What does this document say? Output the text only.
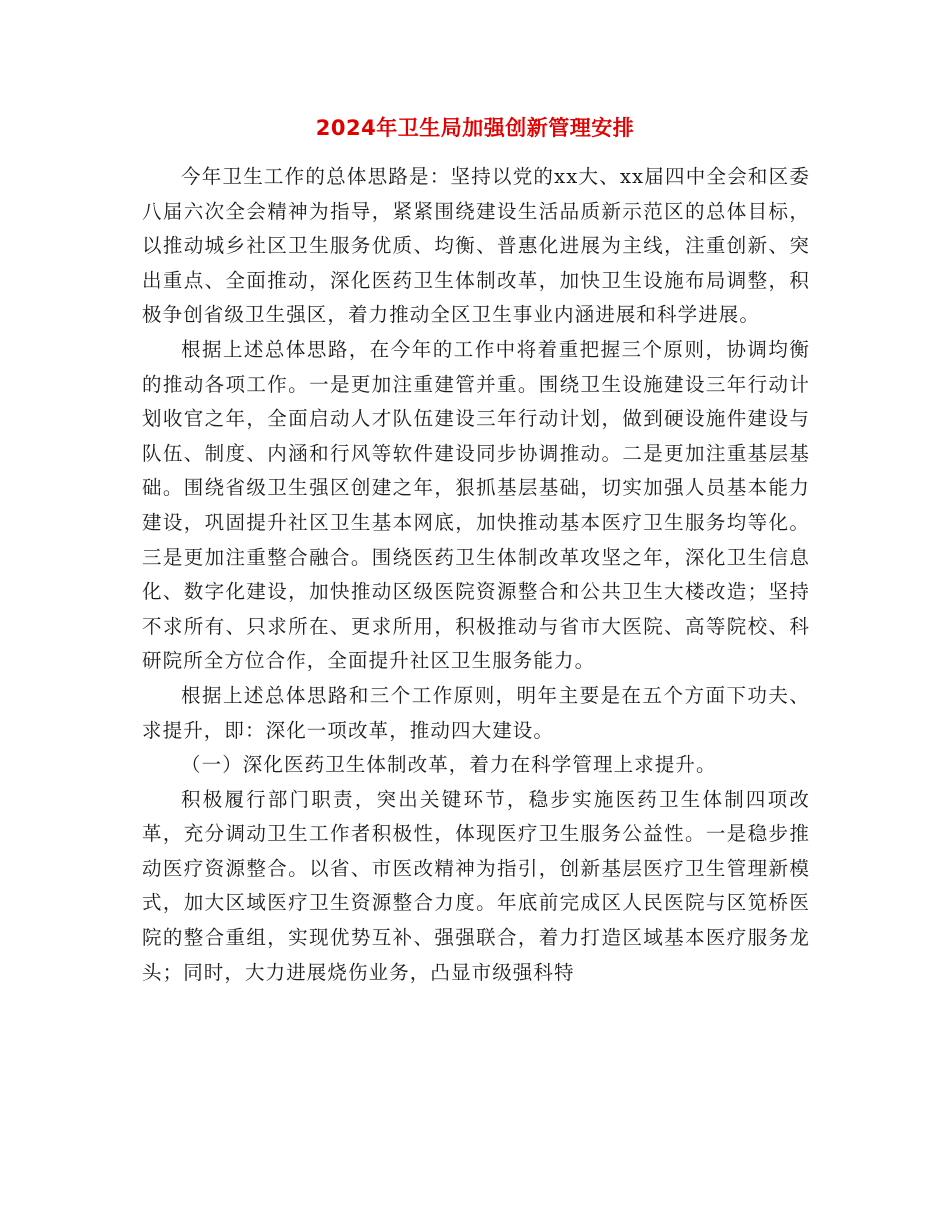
2024年卫生局加强创新管理安排

今年卫生工作的总体思路是：坚持以党的xx大、xx届四中全会和区委八届六次全会精神为指导，紧紧围绕建设生活品质新示范区的总体目标，以推动城乡社区卫生服务优质、均衡、普惠化进展为主线，注重创新、突出重点、全面推动，深化医药卫生体制改革，加快卫生设施布局调整，积极争创省级卫生强区，着力推动全区卫生事业内涵进展和科学进展。

根据上述总体思路，在今年的工作中将着重把握三个原则，协调均衡的推动各项工作。一是更加注重建管并重。围绕卫生设施建设三年行动计划收官之年，全面启动人才队伍建设三年行动计划，做到硬设施件建设与队伍、制度、内涵和行风等软件建设同步协调推动。二是更加注重基层基础。围绕省级卫生强区创建之年，狠抓基层基础，切实加强人员基本能力建设，巩固提升社区卫生基本网底，加快推动基本医疗卫生服务均等化。三是更加注重整合融合。围绕医药卫生体制改革攻坚之年，深化卫生信息化、数字化建设，加快推动区级医院资源整合和公共卫生大楼改造；坚持不求所有、只求所在、更求所用，积极推动与省市大医院、高等院校、科研院所全方位合作，全面提升社区卫生服务能力。

根据上述总体思路和三个工作原则，明年主要是在五个方面下功夫、求提升，即：深化一项改革，推动四大建设。

（一）深化医药卫生体制改革，着力在科学管理上求提升。

积极履行部门职责，突出关键环节，稳步实施医药卫生体制四项改革，充分调动卫生工作者积极性，体现医疗卫生服务公益性。一是稳步推动医疗资源整合。以省、市医改精神为指引，创新基层医疗卫生管理新模式，加大区域医疗卫生资源整合力度。年底前完成区人民医院与区笕桥医院的整合重组，实现优势互补、强强联合，着力打造区域基本医疗服务龙头；同时，大力进展烧伤业务，凸显市级强科特
